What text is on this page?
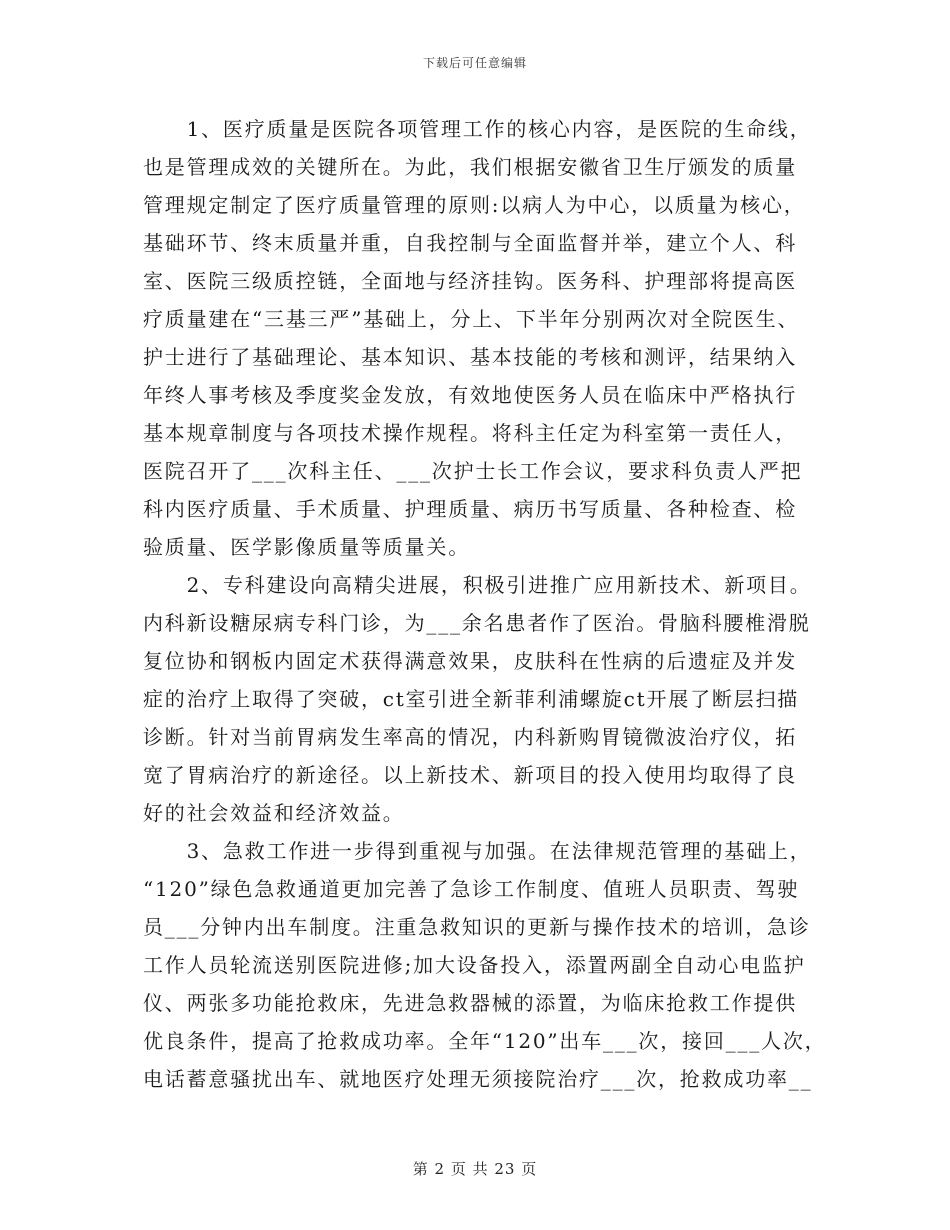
下载后可任意编辑
　　1、医疗质量是医院各项管理工作的核心内容，是医院的生命线，
也是管理成效的关键所在。为此，我们根据安徽省卫生厅颁发的质量
管理规定制定了医疗质量管理的原则:以病人为中心，以质量为核心，
基础环节、终末质量并重，自我控制与全面监督并举，建立个人、科
室、医院三级质控链，全面地与经济挂钩。医务科、护理部将提高医
疗质量建在“三基三严”基础上，分上、下半年分别两次对全院医生、
护士进行了基础理论、基本知识、基本技能的考核和测评，结果纳入
年终人事考核及季度奖金发放，有效地使医务人员在临床中严格执行
基本规章制度与各项技术操作规程。将科主任定为科室第一责任人，
医院召开了___次科主任、___次护士长工作会议，要求科负责人严把
科内医疗质量、手术质量、护理质量、病历书写质量、各种检查、检
验质量、医学影像质量等质量关。
　　2、专科建设向高精尖进展，积极引进推广应用新技术、新项目。
内科新设糖尿病专科门诊，为___余名患者作了医治。骨脑科腰椎滑脱
复位协和钢板内固定术获得满意效果，皮肤科在性病的后遗症及并发
症的治疗上取得了突破，ct室引进全新菲利浦螺旋ct开展了断层扫描
诊断。针对当前胃病发生率高的情况，内科新购胃镜微波治疗仪，拓
宽了胃病治疗的新途径。以上新技术、新项目的投入使用均取得了良
好的社会效益和经济效益。
　　3、急救工作进一步得到重视与加强。在法律规范管理的基础上，
“120”绿色急救通道更加完善了急诊工作制度、值班人员职责、驾驶
员___分钟内出车制度。注重急救知识的更新与操作技术的培训，急诊
工作人员轮流送别医院进修;加大设备投入，添置两副全自动心电监护
仪、两张多功能抢救床，先进急救器械的添置，为临床抢救工作提供
优良条件，提高了抢救成功率。全年“120”出车___次，接回___人次，
电话蓄意骚扰出车、就地医疗处理无须接院治疗___次，抢救成功率__
第 2 页 共 23 页
